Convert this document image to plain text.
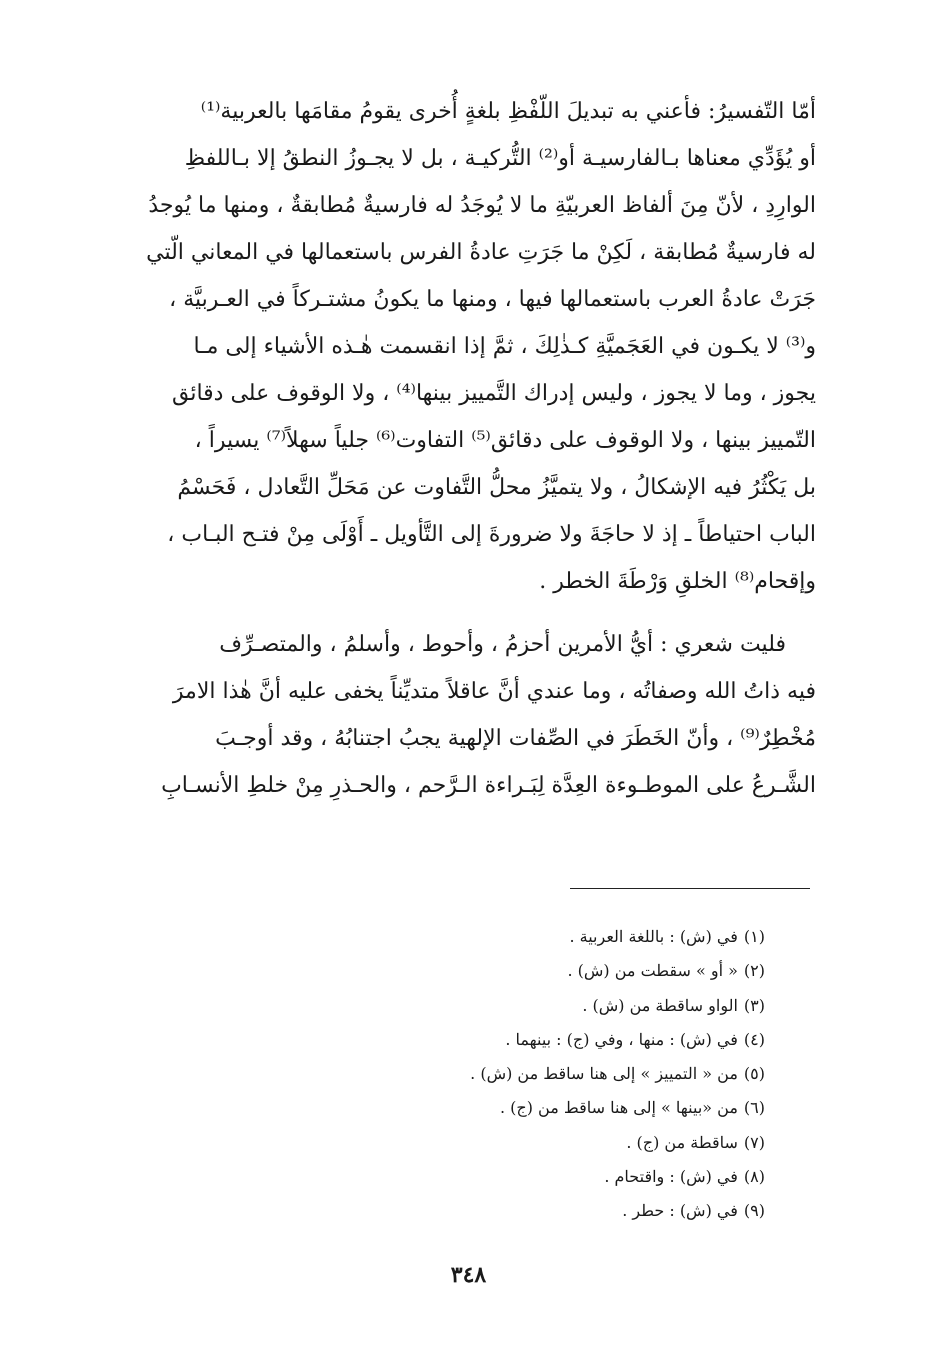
أمّا التّفسيرُ: فأعني به تبديلَ اللّفْظِ بلغةٍ أُخرى يقومُ مقامَها بالعربية⁽¹⁾

أو يُؤَدِّي معناها بـالفارسيـة أو⁽²⁾ التُّركيـة ، بل لا يجـوزُ النطقُ إلا بـاللفظِ

الوارِدِ ، لأنّ مِنَ ألفاظ العربيّةِ ما لا يُوجَدُ له فارسيةٌ مُطابقةٌ ، ومنها ما يُوجدُ

له فارسيةٌ مُطابقة ، لَكِنْ ما جَرَتِ عادةُ الفرس باستعمالها في المعاني الّتي

جَرَتْ عادةُ العرب باستعمالها فيها ، ومنها ما يكونُ مشتـركاً في العـربيَّة ،

و⁽³⁾ لا يكـون في العَجَميَّةِ كـذٰلِكَ ، ثمَّ إذا انقسمت هٰـذه الأشياء إلى مـا

يجوز ، وما لا يجوز ، وليس إدراك التَّمييز بينها⁽⁴⁾ ، ولا الوقوف على دقائق

التّمييز بينها ، ولا الوقوف على دقائق⁽⁵⁾ التفاوت⁽⁶⁾ جلياً سهلاً⁽⁷⁾ يسيراً ،

بل يَكْثُرُ فيه الإشكالُ ، ولا يتميَّزُ محلُّ التَّفاوت عن مَحَلِّ التَّعادل ، فَحَسْمُ

الباب احتياطاً ـ إذ لا حاجَةَ ولا ضرورةَ إلى التَّأويل ـ أَوْلَى مِنْ فتـح البـاب ،

وإقحام⁽⁸⁾ الخلقِ وَرْطَةَ الخطر .

فليت شعري : أيُّ الأمرين أحزمُ ، وأحوط ، وأسلمُ ، والمتصـرِّف

فيه ذاتُ الله وصفاتُه ، وما عندي أنَّ عاقلاً متديِّناً يخفى عليه أنَّ هٰذا الامرَ

مُخْطِرٌ⁽⁹⁾ ، وأنّ الخَطَرَ في الصِّفات الإلهية يجبُ اجتنابُهُ ، وقد أوجـبَ

الشَّـرعُ على الموطـوءة العِدَّة لِبَـراءة الـرَّحم ، والحـذرِ مِنْ خلطِ الأنسـابِ

(١)في (ش) : باللغة العربية .
(٢)« أو » سقطت من (ش) .
(٣)الواو ساقطة من (ش) .
(٤)في (ش) : منها ، وفي (ج) : بينهما .
(٥)من « التمييز » إلى هنا ساقط من (ش) .
(٦)من «بينها » إلى هنا ساقط من (ج) .
(٧)ساقطة من (ج) .
(٨)في (ش) : واقتحام .
(٩)في (ش) : حطر .
٣٤٨
